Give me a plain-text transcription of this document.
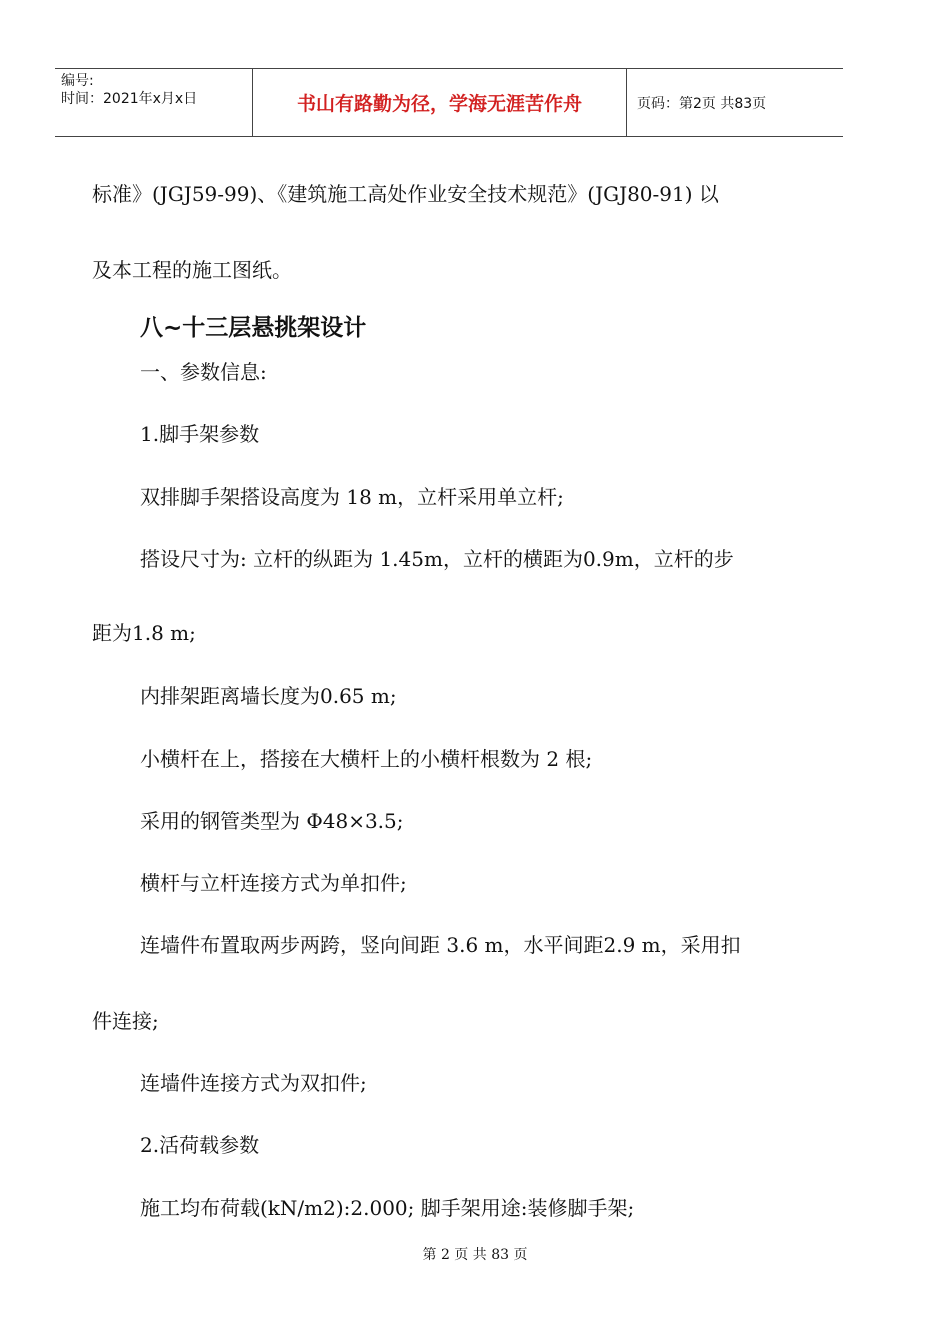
编号:
时间：2021年x月x日	书山有路勤为径，学海无涯苦作舟	页码：第2页 共83页
标准》(JGJ59-99)、《建筑施工高处作业安全技术规范》(JGJ80-91) 以
及本工程的施工图纸。
八~十三层悬挑架设计
一、参数信息:
1.脚手架参数
双排脚手架搭设高度为 18 m，立杆采用单立杆;
搭设尺寸为: 立杆的纵距为 1.45m，立杆的横距为0.9m，立杆的步
距为1.8 m;
内排架距离墙长度为0.65 m;
小横杆在上，搭接在大横杆上的小横杆根数为 2 根;
采用的钢管类型为 Φ48×3.5;
横杆与立杆连接方式为单扣件;
连墙件布置取两步两跨，竖向间距 3.6 m，水平间距2.9 m，采用扣
件连接;
连墙件连接方式为双扣件;
2.活荷载参数
施工均布荷载(kN/m2):2.000; 脚手架用途:装修脚手架;
第 2 页 共 83 页
